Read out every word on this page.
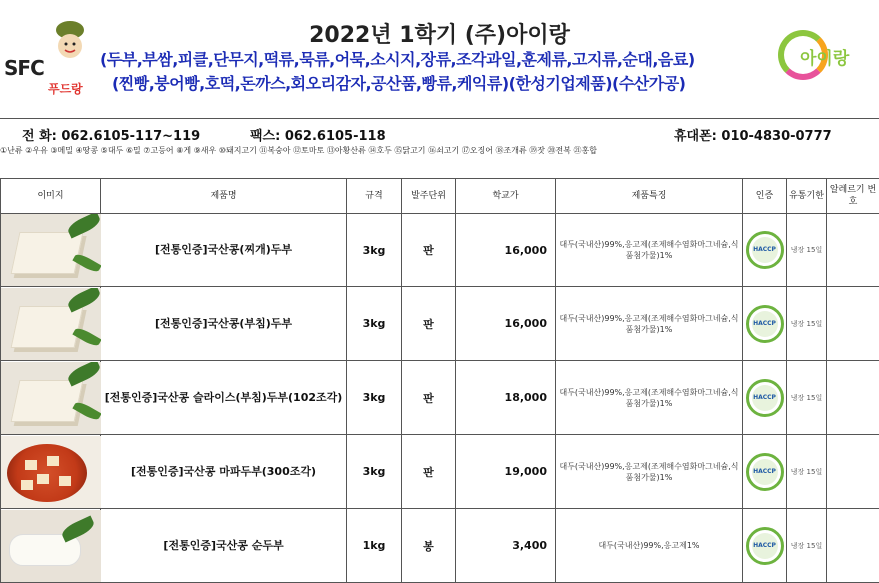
SFC
푸드랑
2022년 1학기 (주)아이랑
(두부,부쌈,피클,단무지,떡류,묵류,어묵,소시지,장류,조각과일,훈제류,고지류,순대,음료)
(찐빵,붕어빵,호떡,돈까스,회오리감자,공산품,빵류,케익류)(한성기업제품)(수산가공)
아이랑
전 화: 062.6105-117~119	팩스: 062.6105-118	휴대폰: 010-4830-0777
①난류 ②우유 ③메밀 ④땅콩 ⑤대두 ⑥밀 ⑦고등어 ⑧게 ⑨새우 ⑩돼지고기 ⑪복숭아 ⑫토마토 ⑬아황산류 ⑭호두 ⑮닭고기 ⑯쇠고기 ⑰오징어 ⑱조개류 ⑲잣 ⑳전복 ㉑홍합
이미지	제품명	규격	발주단위	학교가	제품특징	인증	유통기한	알레르기 번호

	[전통인증]국산콩(찌개)두부	3kg	판	16,000	대두(국내산)99%,응고제(조제해수염화마그네슘,식품첨가물)1%	HACCP	냉장 15일	

	[전통인증]국산콩(부침)두부	3kg	판	16,000	대두(국내산)99%,응고제(조제해수염화마그네슘,식품첨가물)1%	HACCP	냉장 15일	

	[전통인증]국산콩 슬라이스(부침)두부(102조각)	3kg	판	18,000	대두(국내산)99%,응고제(조제해수염화마그네슘,식품첨가물)1%	HACCP	냉장 15일	

	[전통인증]국산콩 마파두부(300조각)	3kg	판	19,000	대두(국내산)99%,응고제(조제해수염화마그네슘,식품첨가물)1%	HACCP	냉장 15일	

	[전통인증]국산콩 순두부	1kg	봉	3,400	대두(국내산)99%,응고제1%	HACCP	냉장 15일	
